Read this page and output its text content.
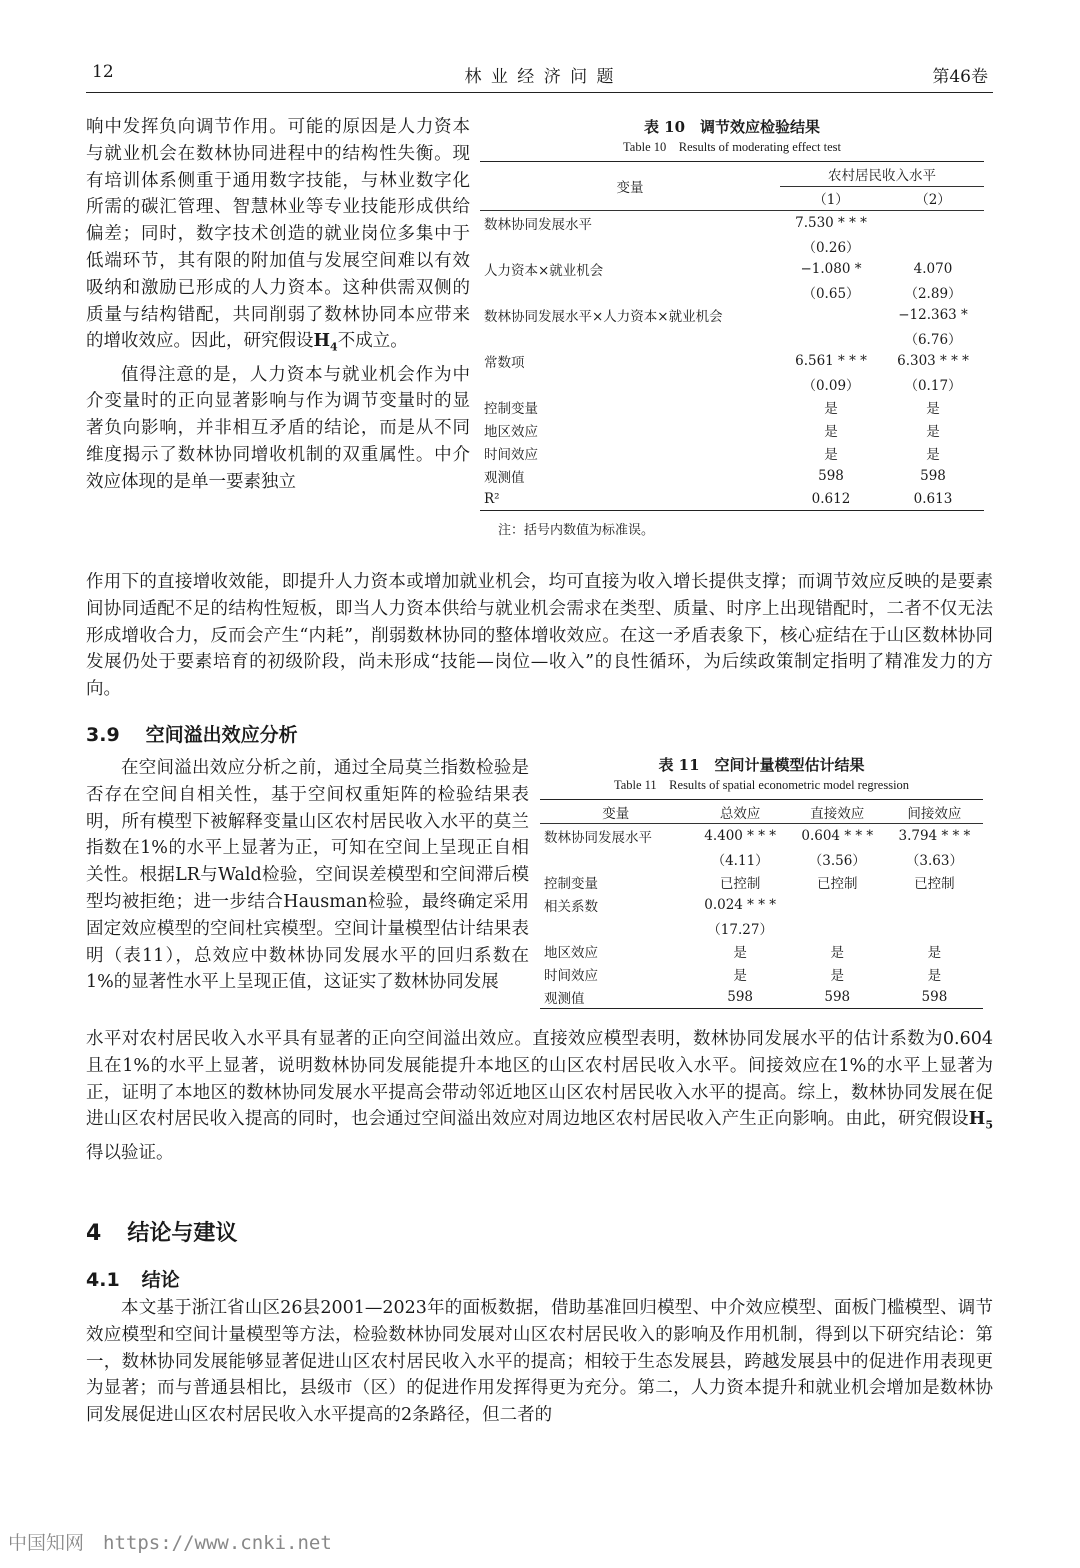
12	林 业 经 济 问 题	第46卷

响中发挥负向调节作用。可能的原因是人力资本与就业机会在数林协同进程中的结构性失衡。现有培训体系侧重于通用数字技能，与林业数字化所需的碳汇管理、智慧林业等专业技能形成供给偏差；同时，数字技术创造的就业岗位多集中于低端环节，其有限的附加值与发展空间难以有效吸纳和激励已形成的人力资本。这种供需双侧的质量与结构错配，共同削弱了数林协同本应带来的增收效应。因此，研究假设$H_4$不成立。

值得注意的是，人力资本与就业机会作为中介变量时的正向显著影响与作为调节变量时的显著负向影响，并非相互矛盾的结论，而是从不同维度揭示了数林协同增收机制的双重属性。中介效应体现的是单一要素独立

表 10　调节效应检验结果
Table 10　Results of moderating effect test
变量	农村居民收入水平	
	（1）	（2）
数林协同发展水平	7.530 * * *	
	（0.26）	
人力资本×就业机会	−1.080 *	4.070
	（0.65）	（2.89）
数林协同发展水平×人力资本×就业机会		−12.363 *
		（6.76）
常数项	6.561 * * *	6.303 * * *
	（0.09）	（0.17）
控制变量	是	是
地区效应	是	是
时间效应	是	是
观测值	598	598
R²	0.612	0.613
注：括号内数值为标准误。

作用下的直接增收效能，即提升人力资本或增加就业机会，均可直接为收入增长提供支撑；而调节效应反映的是要素间协同适配不足的结构性短板，即当人力资本供给与就业机会需求在类型、质量、时序上出现错配时，二者不仅无法形成增收合力，反而会产生“内耗”，削弱数林协同的整体增收效应。在这一矛盾表象下，核心症结在于山区数林协同发展仍处于要素培育的初级阶段，尚未形成“技能—岗位—收入”的良性循环，为后续政策制定指明了精准发力的方向。

3.9 空间溢出效应分析

在空间溢出效应分析之前，通过全局莫兰指数检验是否存在空间自相关性，基于空间权重矩阵的检验结果表明，所有模型下被解释变量山区农村居民收入水平的莫兰指数在1%的水平上显著为正，可知在空间上呈现正自相关性。根据LR与Wald检验，空间误差模型和空间滞后模型均被拒绝；进一步结合Hausman检验，最终确定采用固定效应模型的空间杜宾模型。空间计量模型估计结果表明（表11），总效应中数林协同发展水平的回归系数在1%的显著性水平上呈现正值，这证实了数林协同发展

表 11　空间计量模型估计结果
Table 11　Results of spatial econometric model regression
变量	总效应	直接效应	间接效应
数林协同发展水平	4.400 * * *	0.604 * * *	3.794 * * *
	（4.11）	（3.56）	（3.63）
控制变量	已控制	已控制	已控制
相关系数	0.024 * * *		
	（17.27）		
地区效应	是	是	是
时间效应	是	是	是
观测值	598	598	598

水平对农村居民收入水平具有显著的正向空间溢出效应。直接效应模型表明，数林协同发展水平的估计系数为0.604且在1%的水平上显著，说明数林协同发展能提升本地区的山区农村居民收入水平。间接效应在1%的水平上显著为正，证明了本地区的数林协同发展水平提高会带动邻近地区山区农村居民收入水平的提高。综上，数林协同发展在促进山区农村居民收入提高的同时，也会通过空间溢出效应对周边地区农村居民收入产生正向影响。由此，研究假设$H_5$得以验证。

4 结论与建议
4.1 结论

本文基于浙江省山区26县2001—2023年的面板数据，借助基准回归模型、中介效应模型、面板门槛模型、调节效应模型和空间计量模型等方法，检验数林协同发展对山区农村居民收入的影响及作用机制，得到以下研究结论：第一，数林协同发展能够显著促进山区农村居民收入水平的提高；相较于生态发展县，跨越发展县中的促进作用表现更为显著；而与普通县相比，县级市（区）的促进作用发挥得更为充分。第二，人力资本提升和就业机会增加是数林协同发展促进山区农村居民收入水平提高的2条路径，但二者的

中国知网　https://www.cnki.net
